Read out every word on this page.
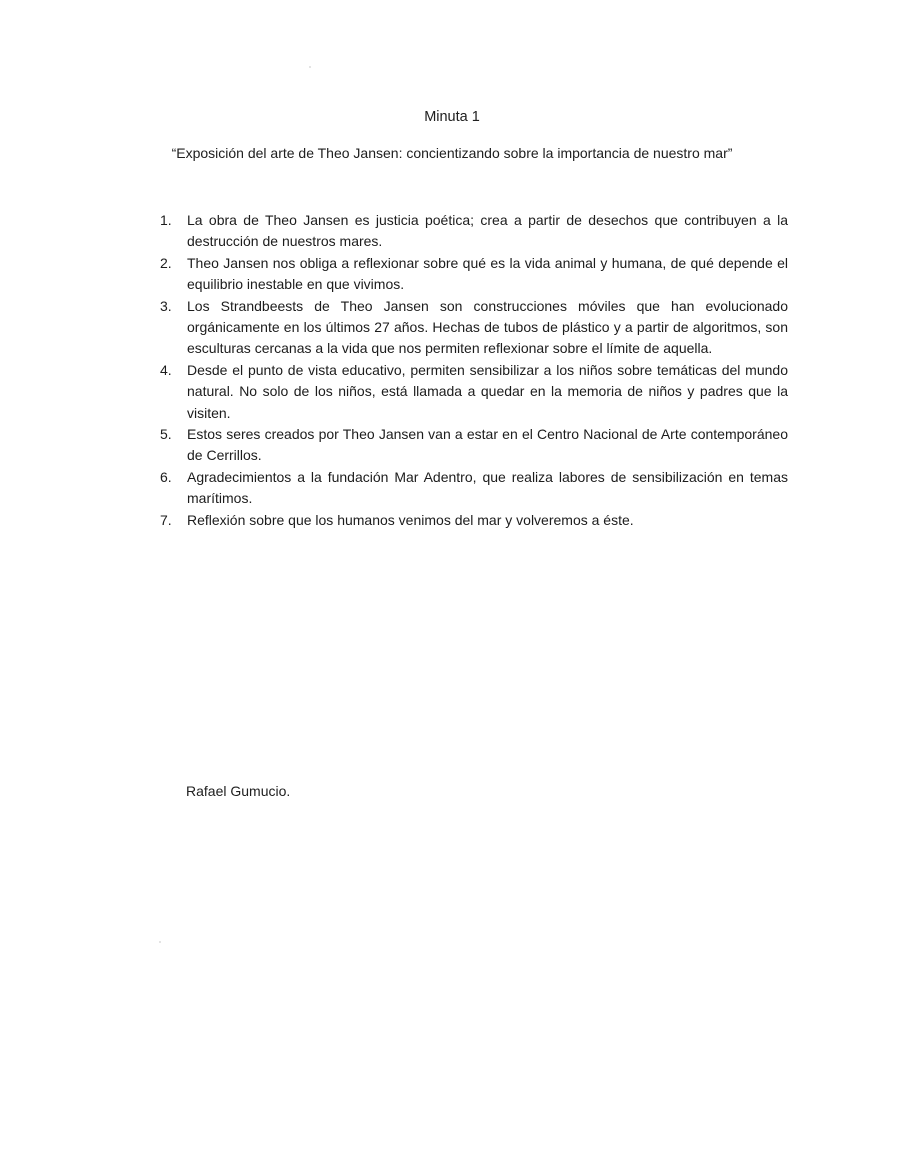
Minuta 1
“Exposición del arte de Theo Jansen: concientizando sobre la importancia de nuestro mar”
1.	La obra de Theo Jansen es justicia poética; crea a partir de desechos que contribuyen a la destrucción de nuestros mares.
2.	Theo Jansen nos obliga a reflexionar sobre qué es la vida animal y humana, de qué depende el equilibrio inestable en que vivimos.
3.	Los Strandbeests de Theo Jansen son construcciones móviles que han evolucionado orgánicamente en los últimos 27 años. Hechas de tubos de plástico y a partir de algoritmos, son esculturas cercanas a la vida que nos permiten reflexionar sobre el límite de aquella.
4.	Desde el punto de vista educativo, permiten sensibilizar a los niños sobre temáticas del mundo natural. No solo de los niños, está llamada a quedar en la memoria de niños y padres que la visiten.
5.	Estos seres creados por Theo Jansen van a estar en el Centro Nacional de Arte contemporáneo de Cerrillos.
6.	Agradecimientos a la fundación Mar Adentro, que realiza labores de sensibilización en temas marítimos.
7.	Reflexión sobre que los humanos venimos del mar y volveremos a éste.
Rafael Gumucio.
